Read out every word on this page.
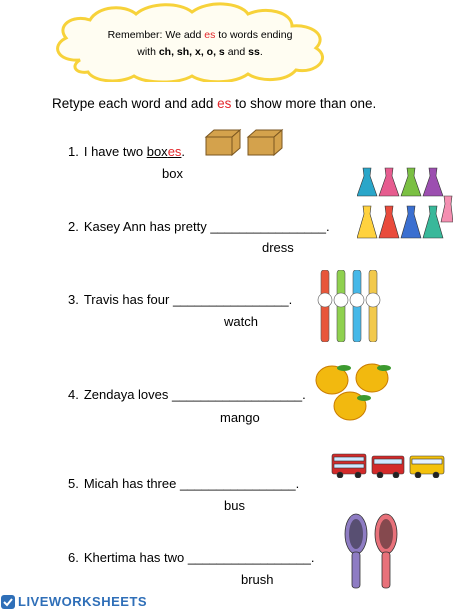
Remember: We add es to words ending
with ch, sh, x, o, s and ss.
Retype each word and add es to show more than one.
1. I have two boxes.
box
2. Kasey Ann has pretty ________________.
dress
3. Travis has four ________________.
watch
4. Zendaya loves __________________.
mango
5. Micah has three ________________.
bus
6. Khertima has two _________________.
brush
LIVEWORKSHEETS
